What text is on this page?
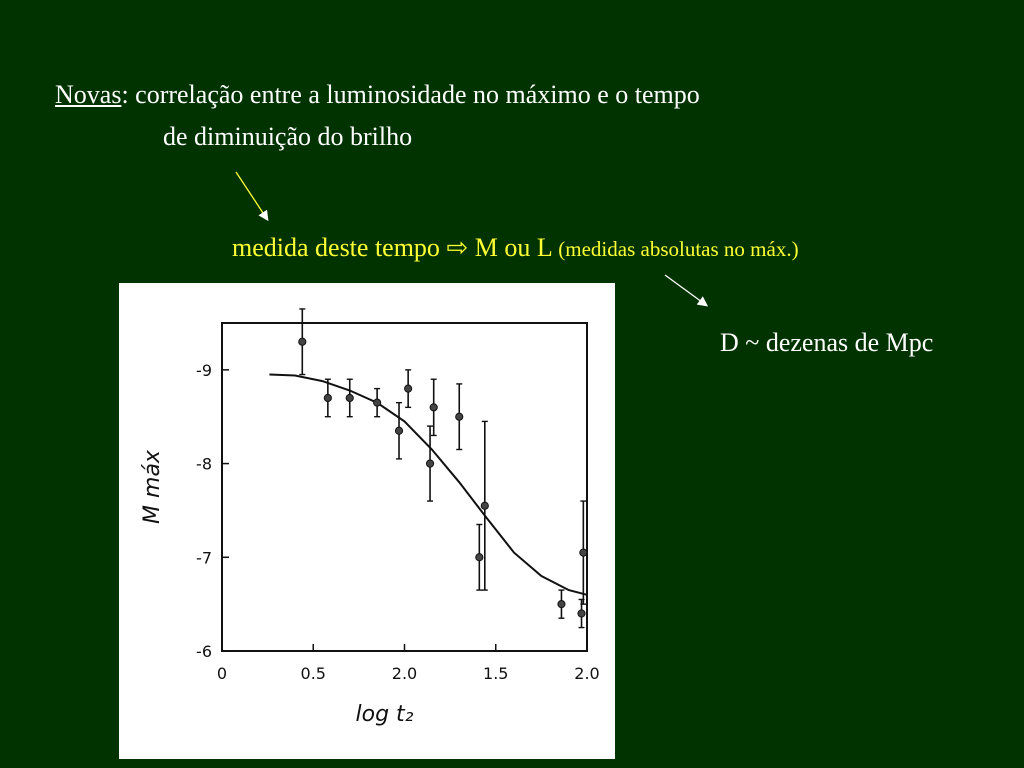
Novas: correlação entre a luminosidade no máximo e o tempo
de diminuição do brilho
medida deste tempo ⇨ M ou L (medidas absolutas no máx.)
D ~ dezenas de Mpc
-9
-8
-7
-6
0	0.5	2.0	1.5	2.0
M máx
log t₂
